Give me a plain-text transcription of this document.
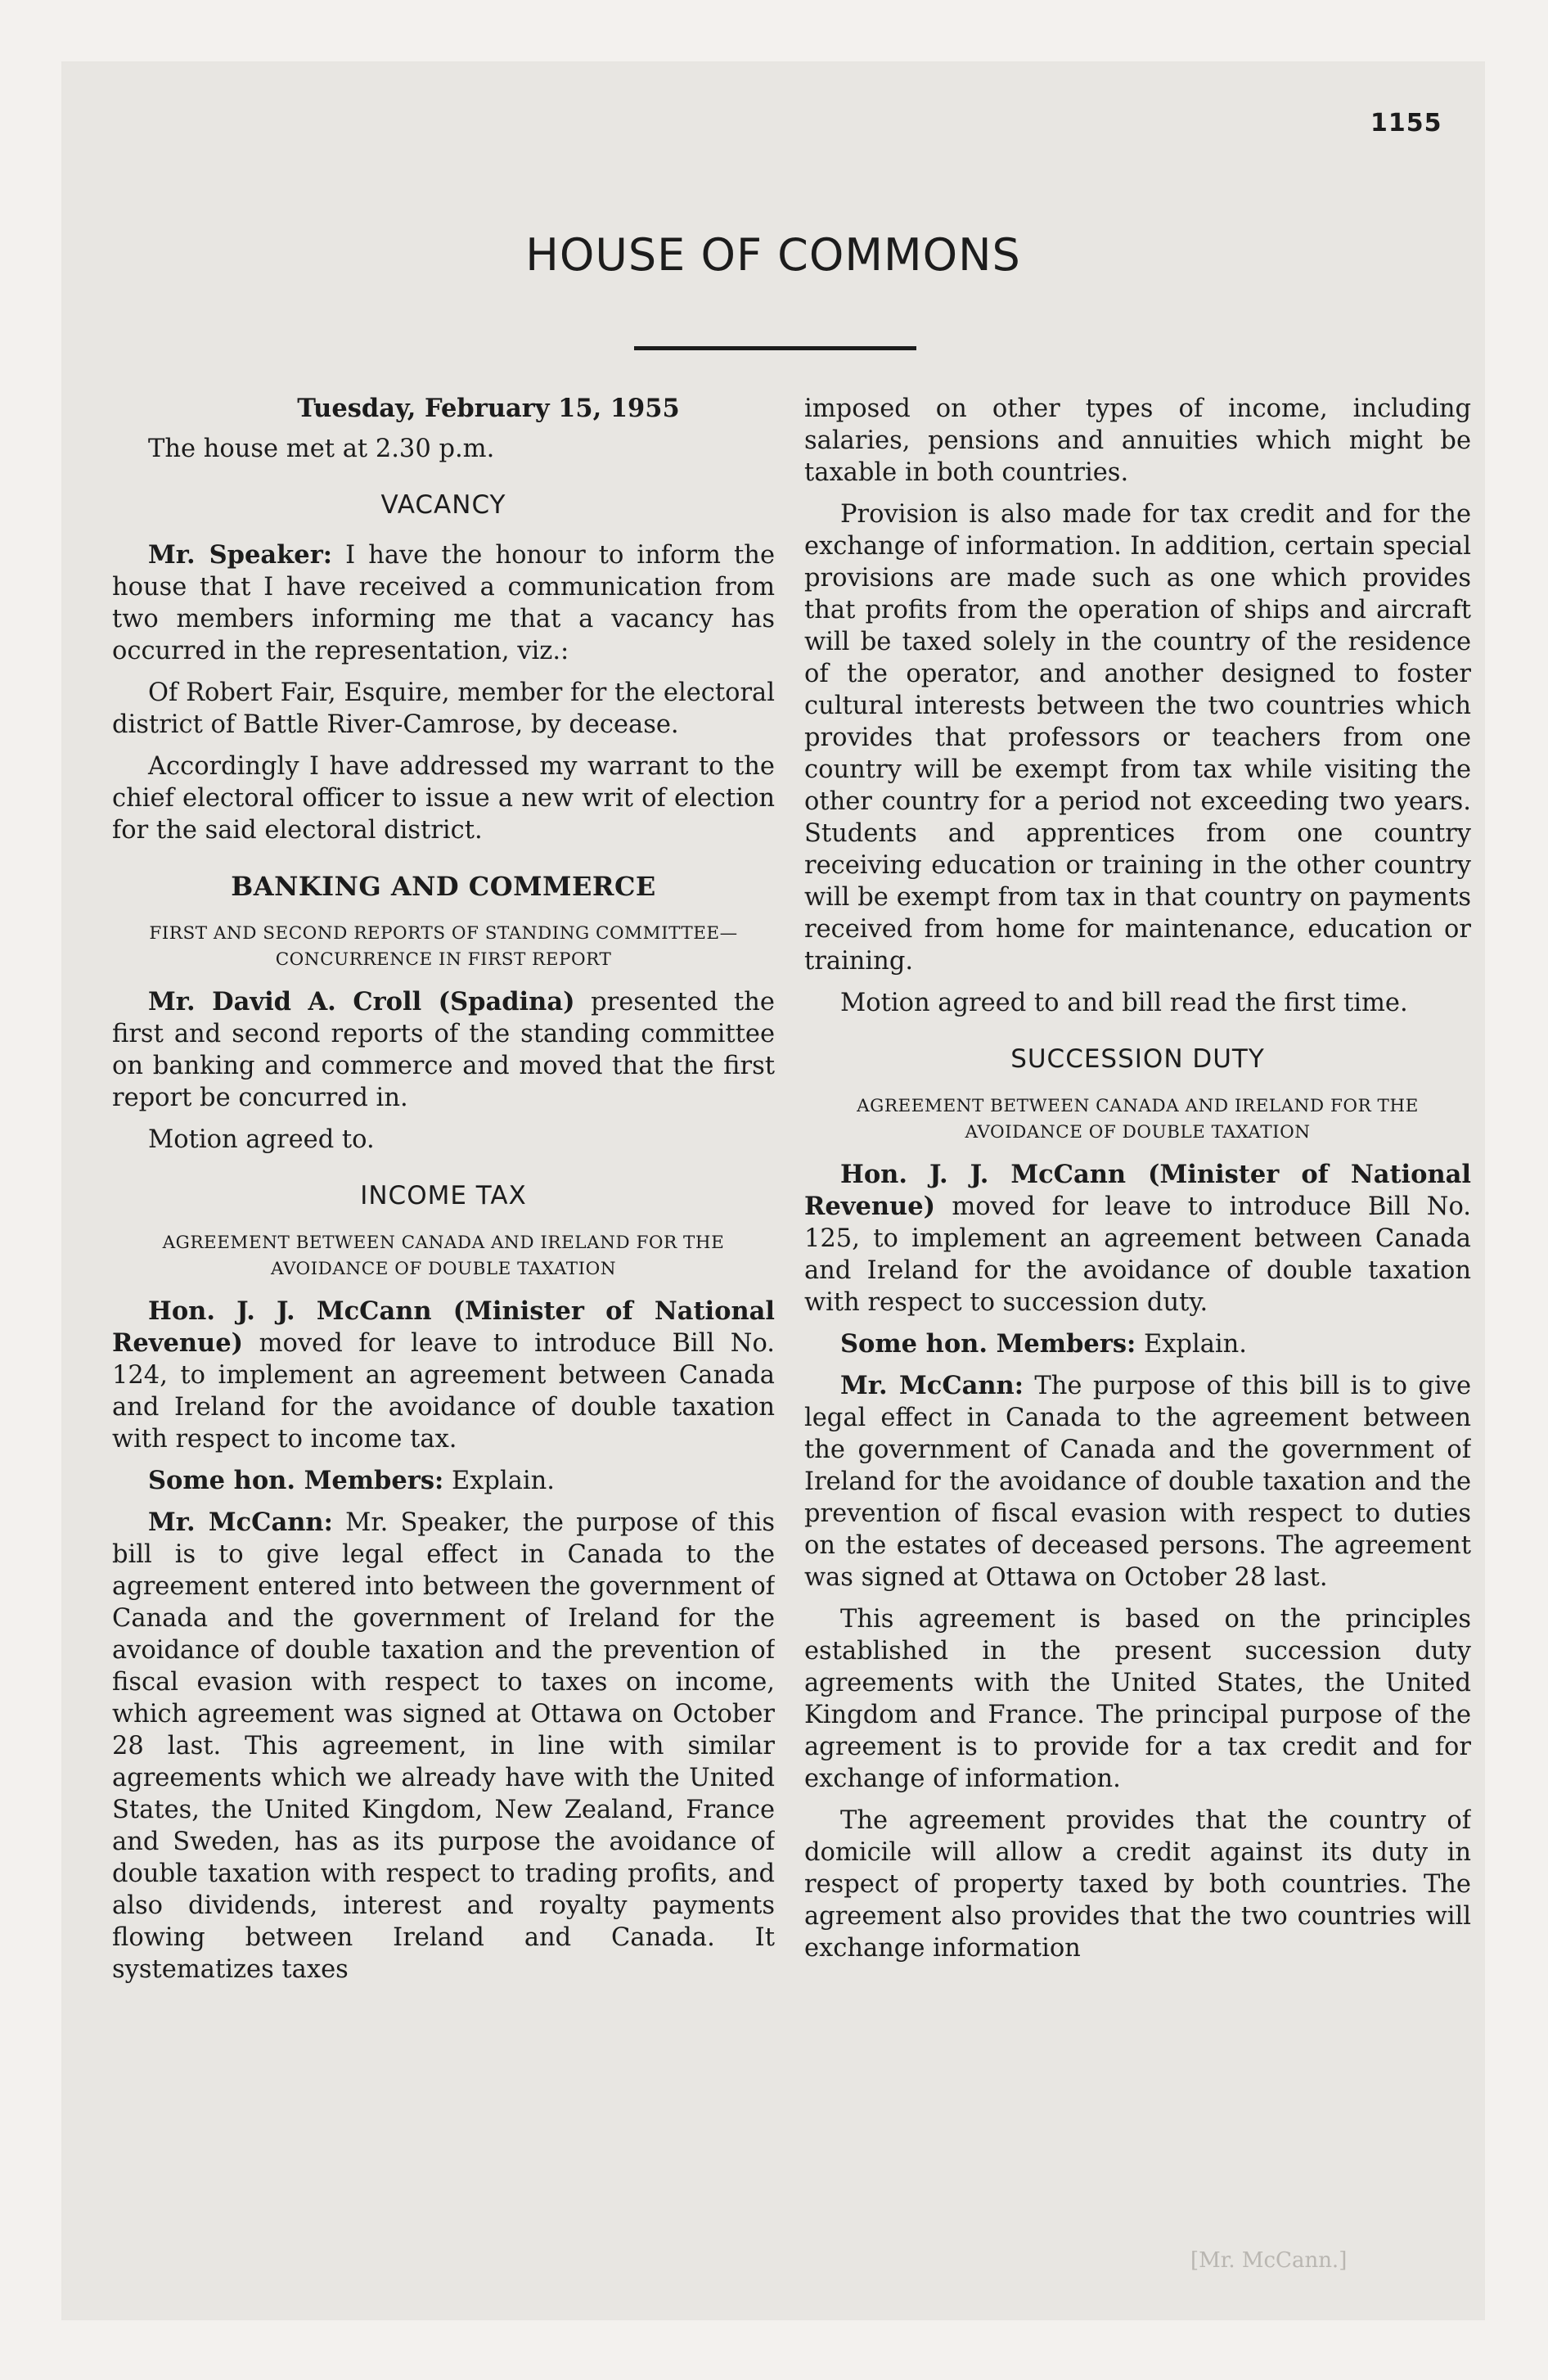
1155
HOUSE OF COMMONS

Tuesday, February 15, 1955

The house met at 2.30 p.m.

VACANCY

Mr. Speaker: I have the honour to inform the house that I have received a communication from two members informing me that a vacancy has occurred in the representation, viz.:

Of Robert Fair, Esquire, member for the electoral district of Battle River-Camrose, by decease.

Accordingly I have addressed my warrant to the chief electoral officer to issue a new writ of election for the said electoral district.

BANKING AND COMMERCE
FIRST AND SECOND REPORTS OF STANDING COMMITTEE—CONCURRENCE IN FIRST REPORT

Mr. David A. Croll (Spadina) presented the first and second reports of the standing committee on banking and commerce and moved that the first report be concurred in.

Motion agreed to.

INCOME TAX
AGREEMENT BETWEEN CANADA AND IRELAND FOR THE AVOIDANCE OF DOUBLE TAXATION

Hon. J. J. McCann (Minister of National Revenue) moved for leave to introduce Bill No. 124, to implement an agreement between Canada and Ireland for the avoidance of double taxation with respect to income tax.

Some hon. Members: Explain.

Mr. McCann: Mr. Speaker, the purpose of this bill is to give legal effect in Canada to the agreement entered into between the government of Canada and the government of Ireland for the avoidance of double taxation and the prevention of fiscal evasion with respect to taxes on income, which agreement was signed at Ottawa on October 28 last. This agreement, in line with similar agreements which we already have with the United States, the United Kingdom, New Zealand, France and Sweden, has as its purpose the avoidance of double taxation with respect to trading profits, and also dividends, interest and royalty payments flowing between Ireland and Canada. It systematizes taxes

imposed on other types of income, including salaries, pensions and annuities which might be taxable in both countries.

Provision is also made for tax credit and for the exchange of information. In addition, certain special provisions are made such as one which provides that profits from the operation of ships and aircraft will be taxed solely in the country of the residence of the operator, and another designed to foster cultural interests between the two countries which provides that professors or teachers from one country will be exempt from tax while visiting the other country for a period not exceeding two years. Students and apprentices from one country receiving education or training in the other country will be exempt from tax in that country on payments received from home for maintenance, education or training.

Motion agreed to and bill read the first time.

SUCCESSION DUTY
AGREEMENT BETWEEN CANADA AND IRELAND FOR THE AVOIDANCE OF DOUBLE TAXATION

Hon. J. J. McCann (Minister of National Revenue) moved for leave to introduce Bill No. 125, to implement an agreement between Canada and Ireland for the avoidance of double taxation with respect to succession duty.

Some hon. Members: Explain.

Mr. McCann: The purpose of this bill is to give legal effect in Canada to the agreement between the government of Canada and the government of Ireland for the avoidance of double taxation and the prevention of fiscal evasion with respect to duties on the estates of deceased persons. The agreement was signed at Ottawa on October 28 last.

This agreement is based on the principles established in the present succession duty agreements with the United States, the United Kingdom and France. The principal purpose of the agreement is to provide for a tax credit and for exchange of information.

The agreement provides that the country of domicile will allow a credit against its duty in respect of property taxed by both countries. The agreement also provides that the two countries will exchange information

[Mr. McCann.]
